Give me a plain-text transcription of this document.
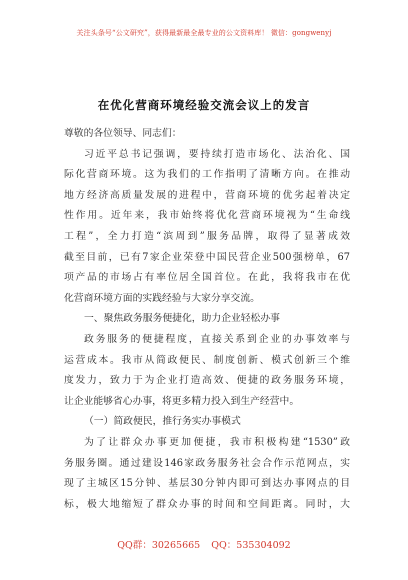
关注头条号“公文研究”，获得最新最全最专业的公文资料库！ 微信：gongwenyj
在优化营商环境经验交流会议上的发言
尊敬的各位领导、同志们：
习近平总书记强调，要持续打造市场化、法治化、国
际化营商环境。这为我们的工作指明了清晰方向。在推动
地方经济高质量发展的进程中，营商环境的优劣起着决定
性作用。近年来，我市始终将优化营商环境视为“生命线
工程”，全力打造“滨周到”服务品牌，取得了显著成效
截至目前，已有7家企业荣登中国民营企业500强榜单，67
项产品的市场占有率位居全国首位。在此，我将我市在优
化营商环境方面的实践经验与大家分享交流。
一、聚焦政务服务便捷化，助力企业轻松办事
政务服务的便捷程度，直接关系到企业的办事效率与
运营成本。我市从简政便民、制度创新、模式创新三个维
度发力，致力于为企业打造高效、便捷的政务服务环境，
让企业能够省心办事，将更多精力投入到生产经营中。
（一）简政便民，推行务实办事模式
为了让群众办事更加便捷，我市积极构建“1530”政
务服务圈。通过建设146家政务服务社会合作示范网点，实
现了主城区15分钟、基层30分钟内即可到达办事网点的目
标，极大地缩短了群众办事的时间和空间距离。同时，大
QQ群：30265665 QQ：535304092
